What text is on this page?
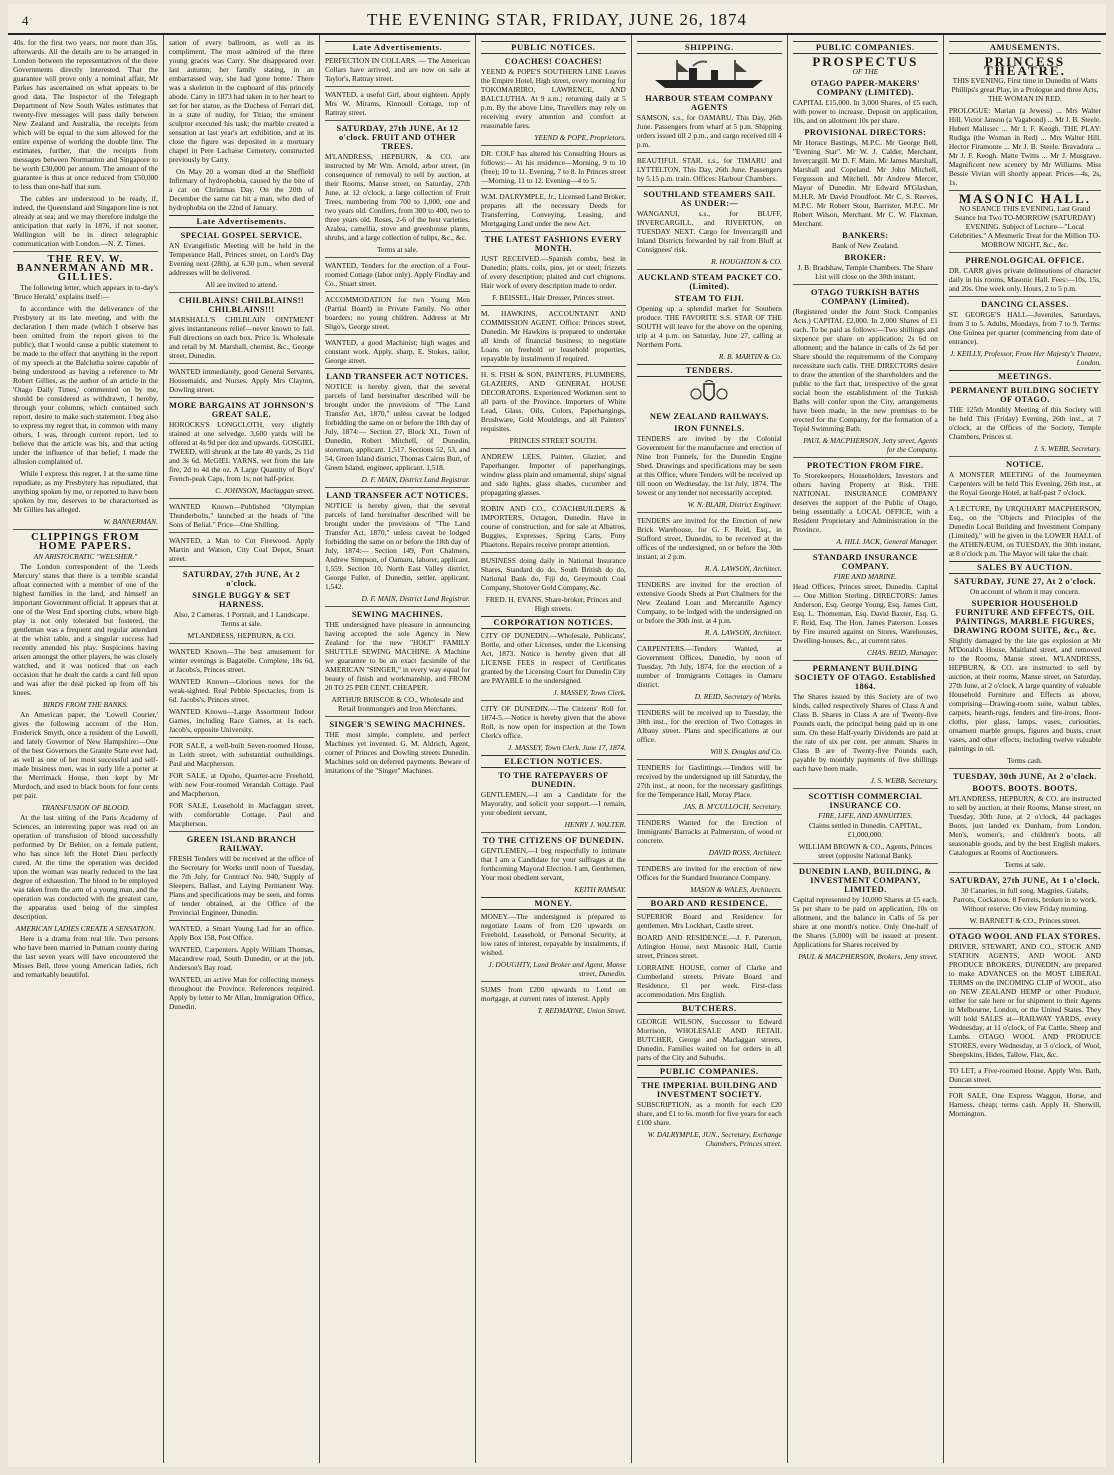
4	THE EVENING STAR, FRIDAY, JUNE 26, 1874

40s. for the first two years, nor more than 35s. afterwards. All the details are to be arranged in London between the representatives of the three Governments directly interested. That the guarantee will prove only a nominal affair, Mr Parkes has ascertained on what appears to be good data. The Inspector of the Telegraph Department of New South Wales estimates that twenty-five messages will pass daily between New Zealand and Australia, the receipts from which will be equal to the sum allowed for the entire expense of working the double line. The estimates, further, that the receipts from messages between Normanton and Singapore to be worth £30,000 per annum. The amount of the guarantee is thus at once reduced from £50,000 to less than one-half that sum.

The cables are understood to be ready, if, indeed, the Queensland and Singapore line is not already at sea; and we may therefore indulge the anticipation that early in 1876, if not sooner, Wellington will be in direct telegraphic communication with London.—N. Z. Times.

THE REV. W. BANNERMAN AND MR. GILLIES.

The following letter, which appears in to-day's 'Bruce Herald,' explains itself:—

In accordance with the deliverance of the Presbytery at its late meeting, and with the declaration I then made (which I observe has been omitted from the report given to the public), that I would cause a public statement to be made to the effect that anything in the report of my speech at the Balclutha soiree capable of being understood as having a reference to Mr Robert Gillies, as the author of an article in the 'Otago Daily Times,' commented on by me, should be considered as withdrawn, I hereby, through your columns, which contained such report, desire to make such statement. I beg also to express my regret that, in common with many others, I was, through current report, led to believe that the article was his, and that acting under the influence of that belief, I made the allusion complained of.

While I express this regret, I at the same time repudiate, as my Presbytery has repudiated, that anything spoken by me, or reported to have been spoken by me, deserves to be characterised as Mr Gillies has alleged.

W. BANNERMAN.

CLIPPINGS FROM HOME PAPERS.
AN ARISTOCRATIC "WELSHER."

The London correspondent of the 'Leeds Mercury' states that there is a terrible scandal afloat connected with a member of one of the highest families in the land, and himself an important Government official. It appears that at one of the West End sporting clubs, where high play is not only tolerated but fostered, the gentleman was a frequent and regular attendant at the whist table, and a singular success had recently attended his play. Suspicions having arisen amongst the other players, he was closely watched, and it was noticed that on each occasion that he dealt the cards a card fell upon and was after the deal picked up from off his knees.

BIRDS FROM THE BANKS.

An American paper, the 'Lowell Courier,' gives the following account of the Hon. Frederick Smyth, once a resident of the Lowell, and lately Governor of New Hampshire:—One of the best Governors the Granite State ever had, as well as one of her most successful and self-made business men, was in early life a porter at the Merrimack House, then kept by Mr Murdoch, and used to black boots for four cents per pair.

TRANSFUSION OF BLOOD.

At the last sitting of the Paris Academy of Sciences, an interesting paper was read on an operation of transfusion of blood successfully performed by Dr Behier, on a female patient, who has since left the Hotel Dieu perfectly cured. At the time the operation was decided upon the woman was nearly reduced to the last degree of exhaustion. The blood to be employed was taken from the arm of a young man, and the operation was conducted with the greatest care, the apparatus used being of the simplest description.

AMERICAN LADIES CREATE A SENSATION.

Here is a drama from real life. Two persons who have been married in Putnam county during the last seven years will have encountered the Misses Bell, three young American ladies, rich and remarkably beautiful.

sation of every ballroom, as well as its compliment. The most admired of the three young graces was Carry. She disappeared over last autumn; her family stating, in an embarrassed way, she had 'gone home.' There was a skeleton in the cupboard of this princely abode. Carry in 1873 had taken in to her heart to set for her statue, as the Duchess of Ferrari did, in a state of nudity, for Titian; the eminent sculptor executed his task; the marble created a sensation at last year's art exhibition, and at its close the figure was deposited in a mortuary chapel in Pere Lachaise Cemetery, constructed previously by Carry.

On May 20 a woman died at the Sheffield Infirmary of hydrophobia, caused by the bite of a cat on Christmas Day. On the 20th of December the same cat bit a man, who died of hydrophobia on the 22nd of January.

Late Advertisements.
SPECIAL GOSPEL SERVICE.

AN Evangelistic Meeting will be held in the Temperance Hall, Princes street, on Lord's Day Evening next (28th), at 6.30 p.m., when several addresses will be delivered.

All are invited to attend.

CHILBLAINS! CHILBLAINS!! CHILBLAINS!!!

MARSHALL'S CHILBLAIN OINTMENT gives instantaneous relief—never known to fail. Full directions on each box. Price 1s. Wholesale and retail by M. Marshall, chemist, &c., George street, Dunedin.

WANTED immediately, good General Servants, Housemaids, and Nurses. Apply Mrs Clayton, Dowling street.

MORE BARGAINS AT JOHNSON'S GREAT SALE.

HOROCKS'S LONGCLOTH, very slightly stained at one selvedge. 3,600 yards will be offered at 4s 9d per doz and upwards. GOSGIEL TWEED, will shrunk at the late 40 yards, 2s 11d and 3s 6d. McGIEL YARNS, wet from the late fire, 2d to 4d the oz. A Large Quantity of Boys' French-peak Caps, from 1s; not half-price.

C. JOHNSON, Maclaggan street.

WANTED Known—Published "Olympian Thunderbolts," launched at the heads of "the Sons of Belial." Price—One Shilling.

WANTED, a Man to Cut Firewood. Apply Martin and Watson, City Coal Depot, Stuart street.

SATURDAY, 27th JUNE, At 2 o'clock.
SINGLE BUGGY & SET HARNESS.

Also, 2 Cameras. 1 Portrait, and 1 Landscape. Terms at sale.

M'LANDRESS, HEPBURN, & CO.

WANTED Known—The best amusement for winter evenings is Bagatelle. Complete, 18s 6d, at Jacobs's, Princes street.

WANTED Known—Glorious news for the weak-sighted. Real Pebble Spectacles, from 1s 6d. Jacobs's, Princes street.

WANTED Known—Large Assortment Indoor Games, including Race Games, at 1s each. Jacob's, opposite University.

FOR SALE, a well-built Seven-roomed House, in Leith street, with substantial outbuildings. Paul and Macpherson.

FOR SALE, at Opoho, Quarter-acre Freehold, with new Four-roomed Verandah Cottage. Paul and Macpherson.

FOR SALE, Leasehold in Maclaggan street, with comfortable Cottage. Paul and Macpherson.

GREEN ISLAND BRANCH RAILWAY.

FRESH Tenders will be received at the office of the Secretary for Works until noon of Tuesday, the 7th July, for Contract No. 940, Supply of Sleepers, Ballast, and Laying Permanent Way. Plans and specifications may be seen, and forms of tender obtained, at the Office of the Provincial Engineer, Dunedin.

WANTED, a Smart Young Lad for an office. Apply Box 158, Post Office.

WANTED, Carpenters. Apply William Thomas, Macandrew road, South Dunedin, or at the job, Anderson's Bay road.

WANTED, an active Man for collecting moneys throughout the Province. References required. Apply by letter to Mr Allan, Immigration Office, Dunedin.

Late Advertisements.

PERFECTION IN COLLARS. — The American Collars have arrived, and are now on sale at Taylor's, Rattray street.

WANTED, a useful Girl, about eighteen. Apply Mrs W. Mirams, Kinnoull Cottage, top of Rattray street.

SATURDAY, 27th JUNE, At 12 o'clock. FRUIT AND OTHER TREES.

M'LANDRESS, HEPBURN, & CO. are instructed by Mr Wm. Arnold, arbor street, (in consequence of removal) to sell by auction, at their Rooms, Manse street, on Saturday, 27th June, at 12 o'clock, a large collection of Fruit Trees, numbering from 700 to 1,000, one and two years old. Conifers, from 300 to 400, two to three years old. Roses, 2-6 of the best varieties. Azalea, camellia, stove and greenhouse plants, shrubs, and a large collection of tulips, &c., &c.

Terms at sale.

WANTED, Tenders for the erection of a Four-roomed Cottage (labor only). Apply Findlay and Co., Stuart street.

ACCOMMODATION for two Young Men (Partial Board) in Private Family. No other boarders; no young children. Address at Mr Sligo's, George street.

WANTED, a good Machinist; high wages and constant work. Apply, sharp, E. Stokes, tailor, George street.

LAND TRANSFER ACT NOTICES.

NOTICE is hereby given, that the several parcels of land hereinafter described will be brought under the provisions of "The Land Transfer Act, 1870," unless caveat be lodged forbidding the same on or before the 18th day of July, 1874:— Section 27, Block XL, Town of Dunedin, Robert Mitchell, of Dunedin, storeman, applicant. 1,517. Sections 52, 53, and 54, Green Island district, Thomas Cairns Burt, of Green Island, engineer, applicant. 1,518.

D. F. MAIN, District Land Registrar.

LAND TRANSFER ACT NOTICES.

NOTICE is hereby given, that the several parcels of land hereinafter described will be brought under the provisions of "The Land Transfer Act, 1870," unless caveat be lodged forbidding the same on or before the 18th day of July, 1874:— Section 149, Port Chalmers, Andrew Simpson, of Oamaru, laborer, applicant. 1,559. Section 10, North East Valley district, George Fuller, of Dunedin, settler, applicant. 1,542.

D. F. MAIN, District Land Registrar.

SEWING MACHINES.

THE undersigned have pleasure in announcing having accepted the sole Agency in New Zealand for the new "HOLT" FAMILY SHUTTLE SEWING MACHINE. A Machine we guarantee to be an exact facsimile of the AMERICAN "SINGER," in every way equal for beauty of finish and workmanship, and FROM 20 TO 25 PER CENT. CHEAPER.

ARTHUR BRISCOE & CO., Wholesale and Retail Ironmongers and Iron Merchants.

SINGER'S SEWING MACHINES.

THE most simple, complete, and perfect Machines yet invented. G. M. Aldrich, Agent, corner of Princes and Dowling streets Dunedin. Machines sold on deferred payments. Beware of imitations of the "Singer" Machines.

PUBLIC NOTICES.
COACHES! COACHES!

YEEND & POPE'S SOUTHERN LINE Leaves the Empire Hotel, High street, every morning for TOKOMAIRIRO, LAWRENCE, AND BALCLUTHA. At 9 a.m.; returning daily at 5 p.m. By the above Line, Travellers may rely on receiving every attention and comfort at reasonable fares.

YEEND & POPE, Proprietors.

DR. COLF has altered his Consulting Hours as follows:— At his residence—Morning, 9 to 10 (free); 10 to 11. Evening, 7 to 8. In Princes street—Morning, 11 to 12. Evening—4 to 5.

W.M. DALRYMPLE, Jr., Licensed Land Broker, prepares all the necessary Deeds for Transferring, Conveying, Leasing, and Mortgaging Land under the new Act.

THE LATEST FASHIONS EVERY MONTH.

JUST RECEIVED.—Spanish combs, best in Dunedin; plaits, coils, pins, jet or steel; frizzets of every description; plaited and curl chignons. Hair work of every description made to order.

F. BEISSEL, Hair Dresser, Princes street.

M. HAWKINS, ACCOUNTANT AND COMMISSION AGENT. Office: Princes street, Dunedin. Mr Hawkins is prepared to undertake all kinds of financial business; to negotiate Loans on freehold or leasehold properties, repayable by instalments if required.

H. S. FISH & SON, PAINTERS, PLUMBERS, GLAZIERS, AND GENERAL HOUSE DECORATORS. Experienced Workmen sent to all parts of the Province. Importers of White Lead, Glass, Oils, Colors, Paperhangings, Brushware, Gold Mouldings, and all Painters' requisites.

PRINCES STREET SOUTH.

ANDREW LEES, Painter, Glazier, and Paperhanger. Importer of paperhangings, window glass plain and ornamental, ships' signal and side lights, glass shades, cucumber and propagating glasses.

ROBIN AND CO., COACHBUILDERS & IMPORTERS, Octagon, Dunedin. Have in course of construction, and for sale at Albatros, Buggies, Expresses, Spring Carts, Pony Phaetons. Repairs receive prompt attention.

BUSINESS doing daily in National Insurance Shares, Standard do do, South British do do, National Bank do, Fiji do, Greymouth Coal Company, Shotover Gold Company, &c.

FRED. H. EVANS, Share-broker, Princes and High streets.

CORPORATION NOTICES.

CITY OF DUNEDIN.—Wholesale, Publicans', Bottle, and other Licenses, under the Licensing Act, 1873. Notice is hereby given that all LICENSE FEES in respect of Certificates granted by the Licensing Court for Dunedin City are PAYABLE to the undersigned.

J. MASSEY, Town Clerk.

CITY OF DUNEDIN.—The Citizens' Roll for 1874-5.—Notice is hereby given that the above Roll, is now open for inspection at the Town Clerk's office.

J. MASSEY, Town Clerk. June 17, 1874.

ELECTION NOTICES.
TO THE RATEPAYERS OF DUNEDIN.

GENTLEMEN,—I am a Candidate for the Mayoralty, and solicit your support.—I remain, your obedient servant,

HENRY J. WALTER.

TO THE CITIZENS OF DUNEDIN.

GENTLEMEN,—I beg respectfully to intimate that I am a Candidate for your suffrages at the forthcoming Mayoral Election. I am, Gentlemen, Your most obedient servant,

KEITH RAMSAY.

MONEY.

MONEY.—The undersigned is prepared to negotiate Loans of from £20 upwards on Freehold, Leasehold, or Personal Security, at low rates of interest, repayable by instalments, if wished.

J. DOUGHTY, Land Broker and Agent, Manse street, Dunedin.

SUMS from £200 upwards to Lend on mortgage, at current rates of interest. Apply

T. REDMAYNE, Union Street.

SHIPPING.
HARBOUR STEAM COMPANY AGENTS

SAMSON, s.s., for OAMARU, This Day, 26th June. Passengers from wharf at 5 p.m. Shipping orders issued till 2 p.m., and cargo received till 4 p.m.

BEAUTIFUL STAR, s.s., for TIMARU and LYTTELTON, This Day, 26th June. Passengers by 5.15 p.m. train. Offices: Harbour Chambers.

SOUTHLAND STEAMERS SAIL AS UNDER:—

WANGANUI, s.s., for BLUFF, INVERCARGILL, and RIVERTON, on TUESDAY NEXT. Cargo for Invercargill and Inland Districts forwarded by rail from Bluff at Consignees' risk.

R. HOUGHTON & CO.

AUCKLAND STEAM PACKET CO. (Limited).
STEAM TO FIJI.

Opening up a splendid market for Southern produce. THE FAVORITE S.S. STAR OF THE SOUTH will leave for the above on the opening trip at 4 p.m. on Saturday, June 27, calling at Northern Ports.

R. B. MARTIN & Co.

TENDERS.
NEW ZEALAND RAILWAYS.
IRON FUNNELS.

TENDERS are invited by the Colonial Government for the manufacture and erection of Nine Iron Funnels, for the Dunedin Engine Shed. Drawings and specifications may be seen at this Office, where Tenders will be received up till noon on Wednesday, the 1st July, 1874. The lowest or any tender not necessarily accepted.

W. N. BLAIR, District Engineer.

TENDERS are invited for the Erection of new Brick Warehouse, for G. F. Reid, Esq., in Stafford street, Dunedin, to be received at the offices of the undersigned, on or before the 30th instant, at 2 p.m.

R. A. LAWSON, Architect.

TENDERS are invited for the erection of extensive Goods Sheds at Port Chalmers for the New Zealand Loan and Mercantile Agency Company, to be lodged with the undersigned on or before the 30th inst. at 4 p.m.

R. A. LAWSON, Architect.

CARPENTERS.—Tenders Wanted, at Government Offices, Dunedin, by noon of Tuesday, 7th July, 1874, for the erection of a number of Immigrants Cottages in Oamaru district.

D. REID, Secretary of Works.

TENDERS will be received up to Tuesday, the 30th inst., for the erection of Two Cottages in Albany street. Plans and specifications at our office.

Will S. Douglas and Co.

TENDERS for Gasfittings.—Tenders will be received by the undersigned up till Saturday, the 27th inst., at noon, for the necessary gasfittings for the Temperance Hall, Moray Place.

JAS. B. M'CULLOCH, Secretary.

TENDERS Wanted for the Erection of Immigrants' Barracks at Palmerston, of wood or concrete.

DAVID ROSS, Architect.

TENDERS are invited for the erection of new Offices for the Standard Insurance Company.

MASON & WALES, Architects.

BOARD AND RESIDENCE.

SUPERIOR Board and Residence for gentlemen. Mrs Lockhart, Castle street.

BOARD AND RESIDENCE.—J. F. Paterson, Arlington House, next Masonic Hall, Curtie street, Princes street.

LORRAINE HOUSE, corner of Clarke and Cumberland streets. Private Board and Residence, £1 per week. First-class accommodation. Mrs English.

BUTCHERS.

GEORGE WILSON, Successor to Edward Morrison, WHOLESALE AND RETAIL BUTCHER, George and Maclaggan streets, Dunedin. Families waited on for orders in all parts of the City and Suburbs.

PUBLIC COMPANIES.
THE IMPERIAL BUILDING AND INVESTMENT SOCIETY.

SUBSCRIPTION, as a month for each £20 share, and £1 to 6s. month for five years for each £100 share.

W. DALRYMPLE, JUN., Secretary, Exchange Chambers, Princes street.

PUBLIC COMPANIES.
PROSPECTUS
OF THE
OTAGO PAPER-MAKERS' COMPANY (LIMITED).

CAPITAL £15,000. In 3,000 Shares, of £5 each, with power to increase. Deposit on application, 10s, and on allotment 10s per share.

PROVISIONAL DIRECTORS:

Mr Horace Bastings, M.P.C. Mr George Bell, "Evening Star". Mr W. J. Calder, Merchant, Invercargill. Mr D. F. Main. Mr James Marshall, Marshall and Copeland. Mr John Mitchell, Fergusson and Mitchell. Mr Andrew Mercer, Mayor of Dunedin. Mr Edward M'Glashan, M.H.R. Mr David Proudfoot. Mr C. S. Reeves, M.P.C. Mr Robert Stout, Barrister, M.P.C. Mr Robert Wilson, Merchant. Mr C. W. Flaxman, Merchant.

BANKERS:

Bank of New Zealand.

BROKER:

J. B. Bradshaw, Temple Chambers. The Share List will close on the 30th instant.

OTAGO TURKISH BATHS COMPANY (Limited).

(Registered under the Joint Stock Companies Acts.) CAPITAL £2,000. In 2,000 Shares of £1 each. To be paid as follows:—Two shillings and sixpence per share on application; 2s 6d on allotment; and the balance in calls of 2s 6d per Share should the requirements of the Company necessitate such calls. THE DIRECTORS desire to draw the attention of the shareholders and the public to the fact that, irrespective of the great social boon the establishment of the Turkish Baths will confer upon the City, arrangements have been made, in the new premises to be erected for the Company, for the formation of a Tepid Swimming Bath.

PAUL & MACPHERSON, Jetty street, Agents for the Company.

PROTECTION FROM FIRE.

To Storekeepers, Householders, Investors and others having Property at Risk. THE NATIONAL INSURANCE COMPANY deserves the support of the Public of Otago, being essentially a LOCAL OFFICE, with a Resident Proprietary and Administration in the Province.

A. HILL JACK, General Manager.

STANDARD INSURANCE COMPANY.
FIRE AND MARINE.

Head Offices, Princes street, Dunedin. Capital — One Million Sterling. DIRECTORS: James Anderson, Esq. George Young, Esq. James Cutt, Esq. L. Thomeman, Esq. David Baxter, Esq. G. F. Reid, Esq. The Hon. James Paterson. Losses by Fire insured against on Stores, Warehouses, Dwelling-houses, &c., at current rates.

CHAS. REID, Manager.

PERMANENT BUILDING SOCIETY OF OTAGO. Established 1864.

The Shares issued by this Society are of two kinds, called respectively Shares of Class A and Class B. Shares in Class A are of Twenty-five Pounds each, the principal being paid up in one sum. On these Half-yearly Dividends are paid at the rate of six per cent. per annum. Shares in Class B are of Twenty-five Pounds each, payable by monthly payments of five shillings each have been made.

J. S. WEBB, Secretary.

SCOTTISH COMMERCIAL INSURANCE CO.
FIRE, LIFE, AND ANNUITIES.

Claims settled in Dunedin. CAPITAL, £1,000,000.

WILLIAM BROWN & CO., Agents, Princes street (opposite National Bank).

DUNEDIN LAND, BUILDING, & INVESTMENT COMPANY, LIMITED.

Capital represented by 10,000 Shares at £5 each. 5s per share to be paid on application, 10s on allotment, and the balance in Calls of 5s per share at one month's notice. Only One-half of the Shares (5,000) will be issued at present. Applications for Shares received by

PAUL & MACPHERSON, Brokers, Jetty street.

AMUSEMENTS.
PRINCESS THEATRE.

THIS EVENING, First time in Dunedin of Watts Phillips's great Play, in a Prologue and three Acts, THE WOMAN IN RED.

PROLOGUE: Marian (a Jewess) ... Mrs Walter Hill. Victor Janson (a Vagabond) ... Mr J. B. Steele. Hubert Malissec ... Mr I. F. Keogh. THE PLAY: Rudiga (the Woman in Red) ... Mrs Walter Hill. Hector Firamonte ... Mr J. B. Steele. Bravadura ... Mr J. F. Keogh. Matte Twitts ... Mr J. Musgrave. Magnificent new scenery by Mr Williams. Miss Bessie Vivian will shortly appear. Prices—4s, 2s, 1s.

MASONIC HALL.

NO SEANCE THIS EVENING. Last Grand Seance but Two TO-MORROW (SATURDAY) EVENING. Subject of Lecture—"Local Celebrities." A Mesmeric Treat for the Million TO-MORROW NIGHT, &c., &c.

PHRENOLOGICAL OFFICE.

DR. CARR gives private delineations of character daily in his rooms, Masonic Hall. Fees:—10s, 15s, and 20s. One week only. Hours, 2 to 5 p.m.

DANCING CLASSES.

ST. GEORGE'S HALL—Juveniles, Saturdays, from 3 to 5. Adults, Mondays, from 7 to 9. Terms: One Guinea per quarter (commencing from date of entrance).

J. KEILLY, Professor, From Her Majesty's Theatre, London.

MEETINGS.
PERMANENT BUILDING SOCIETY OF OTAGO.

THE 125th Monthly Meeting of this Society will be held This (Friday) Evening, 26th inst., at 7 o'clock, at the Offices of the Society, Temple Chambers, Princes st.

J. S. WEBB, Secretary.

NOTICE.

A MONSTER MEETING of the Journeymen Carpenters will be held This Evening, 26th inst., at the Royal George Hotel, at half-past 7 o'clock.

A LECTURE, By URQUHART MACPHERSON, Esq., on the "Objects and Principles of the Dunedin Local Building and Investment Company (Limited)," will be given in the LOWER HALL of the ATHENÆUM, on TUESDAY, the 30th instant, at 8 o'clock p.m. The Mayor will take the chair.

SALES BY AUCTION.
SATURDAY, JUNE 27, At 2 o'clock.

On account of whom it may concern.

SUPERIOR HOUSEHOLD FURNITURE AND EFFECTS, OIL PAINTINGS, MARBLE FIGURES, DRAWING ROOM SUITE, &c., &c.

Slightly damaged by the late gas explosion at Mr M'Donald's House, Maitland street, and removed to the Rooms, Manse street. M'LANDRESS, HEPBURN, & CO. are instructed to sell by auction, at their rooms, Manse street, on Saturday, 27th June, at 2 o'clock, A large quantity of valuable Household Furniture and Effects as above, comprising—Drawing-room suite, walnut tables, carpets, hearth-rugs, fenders and fire-irons, floor-cloths, pier glass, lamps, vases, curiosities, ornament marble groups, figures and busts, cruet vases, and other effects, including twelve valuable paintings in oil.

Terms cash.

TUESDAY, 30th JUNE, At 2 o'clock.
BOOTS. BOOTS. BOOTS.

M'LANDRESS, HEPBURN, & CO. are instructed to sell by auction, at their Rooms, Manse street, on Tuesday, 30th June, at 2 o'clock, 44 packages Boots, just landed ex Dunham, from London, Men's, women's, and children's boots, all seasonable goods, and by the best English makers. Catalogues at Rooms of Auctioneers.

Terms at sale.

SATURDAY, 27th JUNE, At 1 o'clock.

30 Canaries, in full song. Magpies, Galahs, Parrots, Cockatoos. 8 Ferrets, broken in to work. Without reserve. On view Friday morning.

W. BARNETT & CO., Princes street.

OTAGO WOOL AND FLAX STORES.

DRIVER, STEWART, AND CO., STOCK AND STATION AGENTS, AND WOOL AND PRODUCE BROKERS, DUNEDIN, are prepared to make ADVANCES on the MOST LIBERAL TERMS on the INCOMING CLIP of WOOL, also on NEW ZEALAND HEMP or other Produce, either for sale here or for shipment to their Agents in Melbourne, London, or the United States. They will hold SALES at—RAILWAY YARDS, every Wednesday, at 11 o'clock, of Fat Cattle, Sheep and Lambs. OTAGO WOOL AND PRODUCE STORES, every Wednesday, at 3 o'clock, of Wool, Sheepskins, Hides, Tallow, Flax, &c.

TO LET, a Five-roomed House. Apply Wm. Bath, Duncan street.

FOR SALE, One Express Waggon, Horse, and Harness, cheap; terms cash. Apply H. Sherwill, Mornington.
